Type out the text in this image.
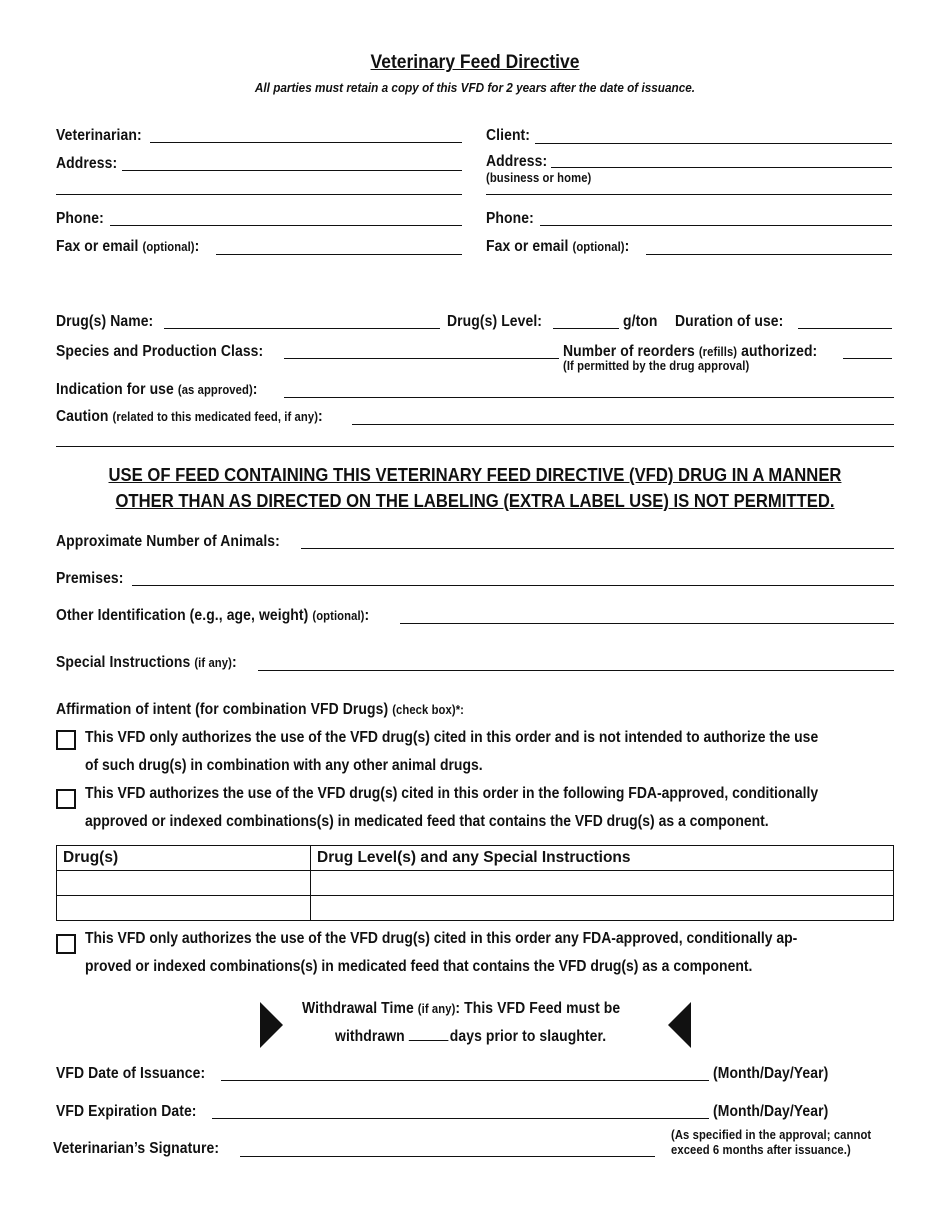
Veterinary Feed Directive
All parties must retain a copy of this VFD for 2 years after the date of issuance.
Veterinarian:
Address:
Phone:
Fax or email (optional):
Client:
Address:
(business or home)
Phone:
Fax or email (optional):
Drug(s) Name:	Drug(s) Level:	g/ton Duration of use:
Species and Production Class:	Number of reorders (refills) authorized:
(If permitted by the drug approval)
Indication for use (as approved):
Caution (related to this medicated feed, if any):
USE OF FEED CONTAINING THIS VETERINARY FEED DIRECTIVE (VFD) DRUG IN A MANNER
OTHER THAN AS DIRECTED ON THE LABELING (EXTRA LABEL USE) IS NOT PERMITTED.
Approximate Number of Animals:
Premises:
Other Identification (e.g., age, weight) (optional):
Special Instructions (if any):
Affirmation of intent (for combination VFD Drugs) (check box)*:
This VFD only authorizes the use of the VFD drug(s) cited in this order and is not intended to authorize the use
of such drug(s) in combination with any other animal drugs.
This VFD authorizes the use of the VFD drug(s) cited in this order in the following FDA-approved, conditionally
approved or indexed combinations(s) in medicated feed that contains the VFD drug(s) as a component.
Drug(s)	Drug Level(s) and any Special Instructions

This VFD only authorizes the use of the VFD drug(s) cited in this order any FDA-approved, conditionally ap-
proved or indexed combinations(s) in medicated feed that contains the VFD drug(s) as a component.
Withdrawal Time (if any): This VFD Feed must be
withdrawn	days prior to slaughter.
VFD Date of Issuance:	(Month/Day/Year)
VFD Expiration Date:	(Month/Day/Year)
(As specified in the approval; cannot
exceed 6 months after issuance.)
Veterinarian’s Signature:
